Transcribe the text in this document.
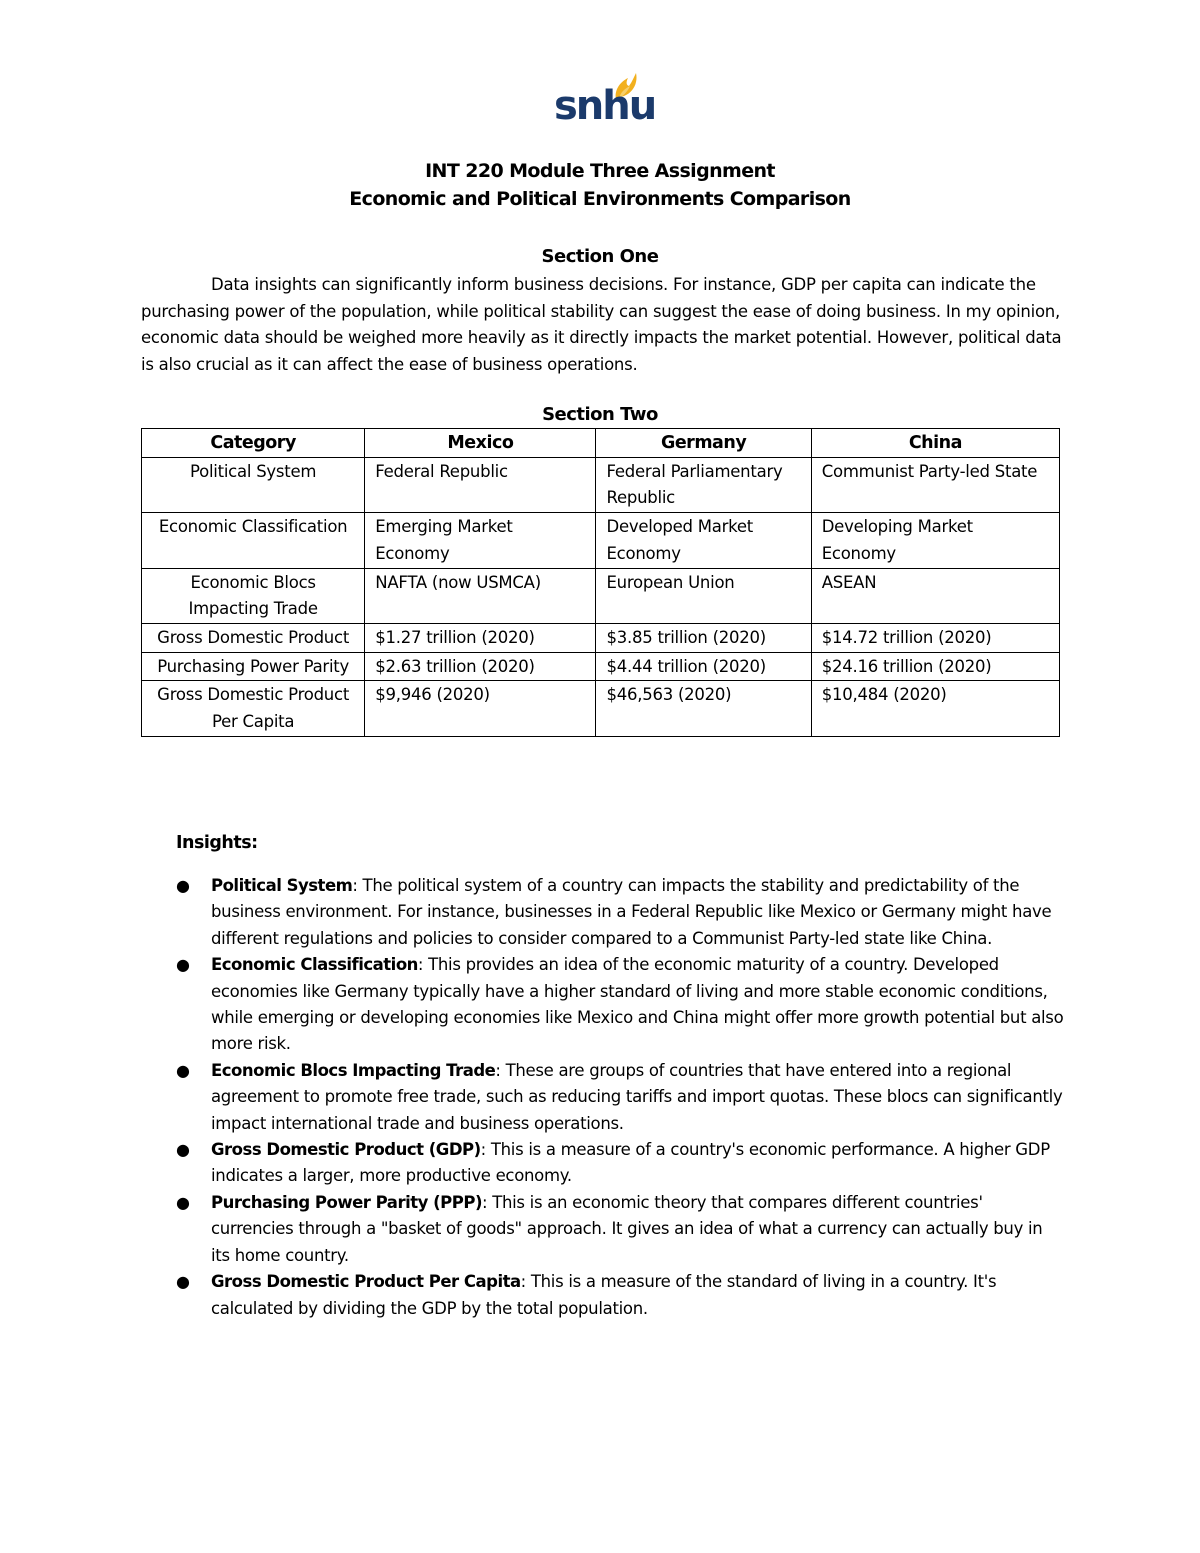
snhu
INT 220 Module Three Assignment
Economic and Political Environments Comparison
Section One
Data insights can significantly inform business decisions. For instance, GDP per capita can indicate the purchasing power of the population, while political stability can suggest the ease of doing business. In my opinion, economic data should be weighed more heavily as it directly impacts the market potential. However, political data is also crucial as it can affect the ease of business operations.
Section Two
Category	Mexico	Germany	China
Political System	Federal Republic	Federal Parliamentary Republic	Communist Party-led State
Economic Classification	Emerging Market Economy	Developed Market Economy	Developing Market Economy
Economic Blocs Impacting Trade	NAFTA (now USMCA)	European Union	ASEAN
Gross Domestic Product	$1.27 trillion (2020)	$3.85 trillion (2020)	$14.72 trillion (2020)
Purchasing Power Parity	$2.63 trillion (2020)	$4.44 trillion (2020)	$24.16 trillion (2020)
Gross Domestic Product Per Capita	$9,946 (2020)	$46,563 (2020)	$10,484 (2020)
Insights:
● Political System: The political system of a country can impacts the stability and predictability of the business environment. For instance, businesses in a Federal Republic like Mexico or Germany might have different regulations and policies to consider compared to a Communist Party-led state like China.
● Economic Classification: This provides an idea of the economic maturity of a country. Developed economies like Germany typically have a higher standard of living and more stable economic conditions, while emerging or developing economies like Mexico and China might offer more growth potential but also more risk.
● Economic Blocs Impacting Trade: These are groups of countries that have entered into a regional agreement to promote free trade, such as reducing tariffs and import quotas. These blocs can significantly impact international trade and business operations.
● Gross Domestic Product (GDP): This is a measure of a country's economic performance. A higher GDP indicates a larger, more productive economy.
● Purchasing Power Parity (PPP): This is an economic theory that compares different countries' currencies through a "basket of goods" approach. It gives an idea of what a currency can actually buy in its home country.
● Gross Domestic Product Per Capita: This is a measure of the standard of living in a country. It's calculated by dividing the GDP by the total population.
